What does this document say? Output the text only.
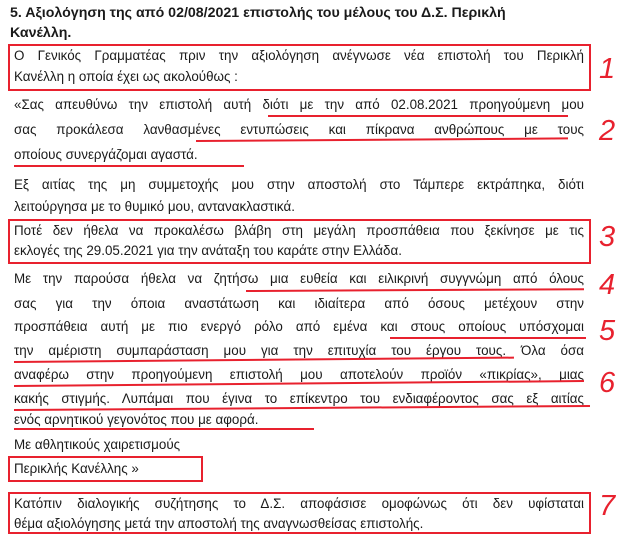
5. Αξιολόγηση της από 02/08/2021 επιστολής του μέλους του Δ.Σ. Περικλή
Κανέλλη.
Ο Γενικός Γραμματέας πριν την αξιολόγηση ανέγνωσε νέα επιστολή του Περικλή
Κανέλλη η οποία έχει ως ακολούθως :
«Σας απευθύνω την επιστολή αυτή διότι με την από 02.08.2021 προηγούμενη μου
σας προκάλεσα λανθασμένες εντυπώσεις και πίκρανα ανθρώπους με τους
οποίους συνεργάζομαι αγαστά.
Εξ αιτίας της μη συμμετοχής μου στην αποστολή στο Τάμπερε εκτράπηκα, διότι
λειτούργησα με το θυμικό μου, αντανακλαστικά.
Ποτέ δεν ήθελα να προκαλέσω βλάβη στη μεγάλη προσπάθεια που ξεκίνησε με τις
εκλογές της 29.05.2021 για την ανάταξη του καράτε στην Ελλάδα.
Με την παρούσα ήθελα να ζητήσω μια ευθεία και ειλικρινή συγγνώμη από όλους
σας για την όποια αναστάτωση και ιδιαίτερα από όσους μετέχουν στην
προσπάθεια αυτή με πιο ενεργό ρόλο από εμένα και στους οποίους υπόσχομαι
την αμέριστη συμπαράσταση μου για την επιτυχία του έργου τους. Όλα όσα
αναφέρω στην προηγούμενη επιστολή μου αποτελούν προϊόν «πικρίας», μιας
κακής στιγμής. Λυπάμαι που έγινα το επίκεντρο του ενδιαφέροντος σας εξ αιτίας
ενός αρνητικού γεγονότος που με αφορά.
Με αθλητικούς χαιρετισμούς
Περικλής Κανέλλης »
Κατόπιν διαλογικής συζήτησης το Δ.Σ. αποφάσισε ομοφώνως ότι δεν υφίσταται
θέμα αξιολόγησης μετά την αποστολή της αναγνωσθείσας επιστολής.
1
2
3
4
5
6
7
